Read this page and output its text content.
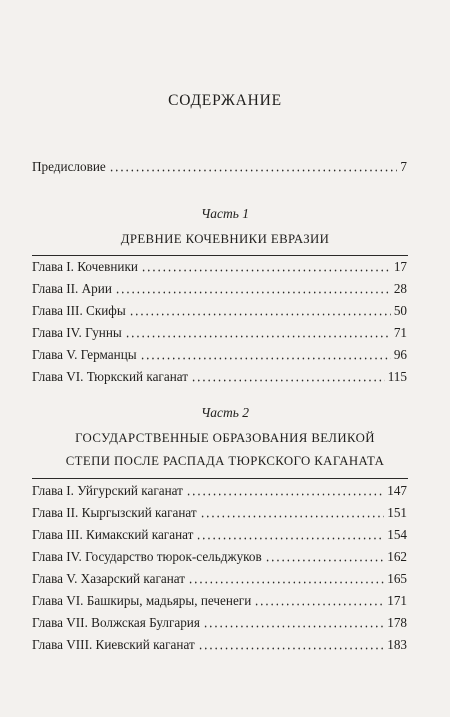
СОДЕРЖАНИЕ
Предисловие	7
Часть 1
ДРЕВНИЕ КОЧЕВНИКИ ЕВРАЗИИ
Глава I. Кочевники	17
Глава II. Арии	28
Глава III. Скифы	50
Глава IV. Гунны	71
Глава V. Германцы	96
Глава VI. Тюркский каганат	115
Часть 2
ГОСУДАРСТВЕННЫЕ ОБРАЗОВАНИЯ ВЕЛИКОЙ
СТЕПИ ПОСЛЕ РАСПАДА ТЮРКСКОГО КАГАНАТА
Глава I. Уйгурский каганат	147
Глава II. Кыргызский каганат	151
Глава III. Кимакский каганат	154
Глава IV. Государство тюрок-сельджуков	162
Глава V. Хазарский каганат	165
Глава VI. Башкиры, мадьяры, печенеги	171
Глава VII. Волжская Булгария	178
Глава VIII. Киевский каганат	183
